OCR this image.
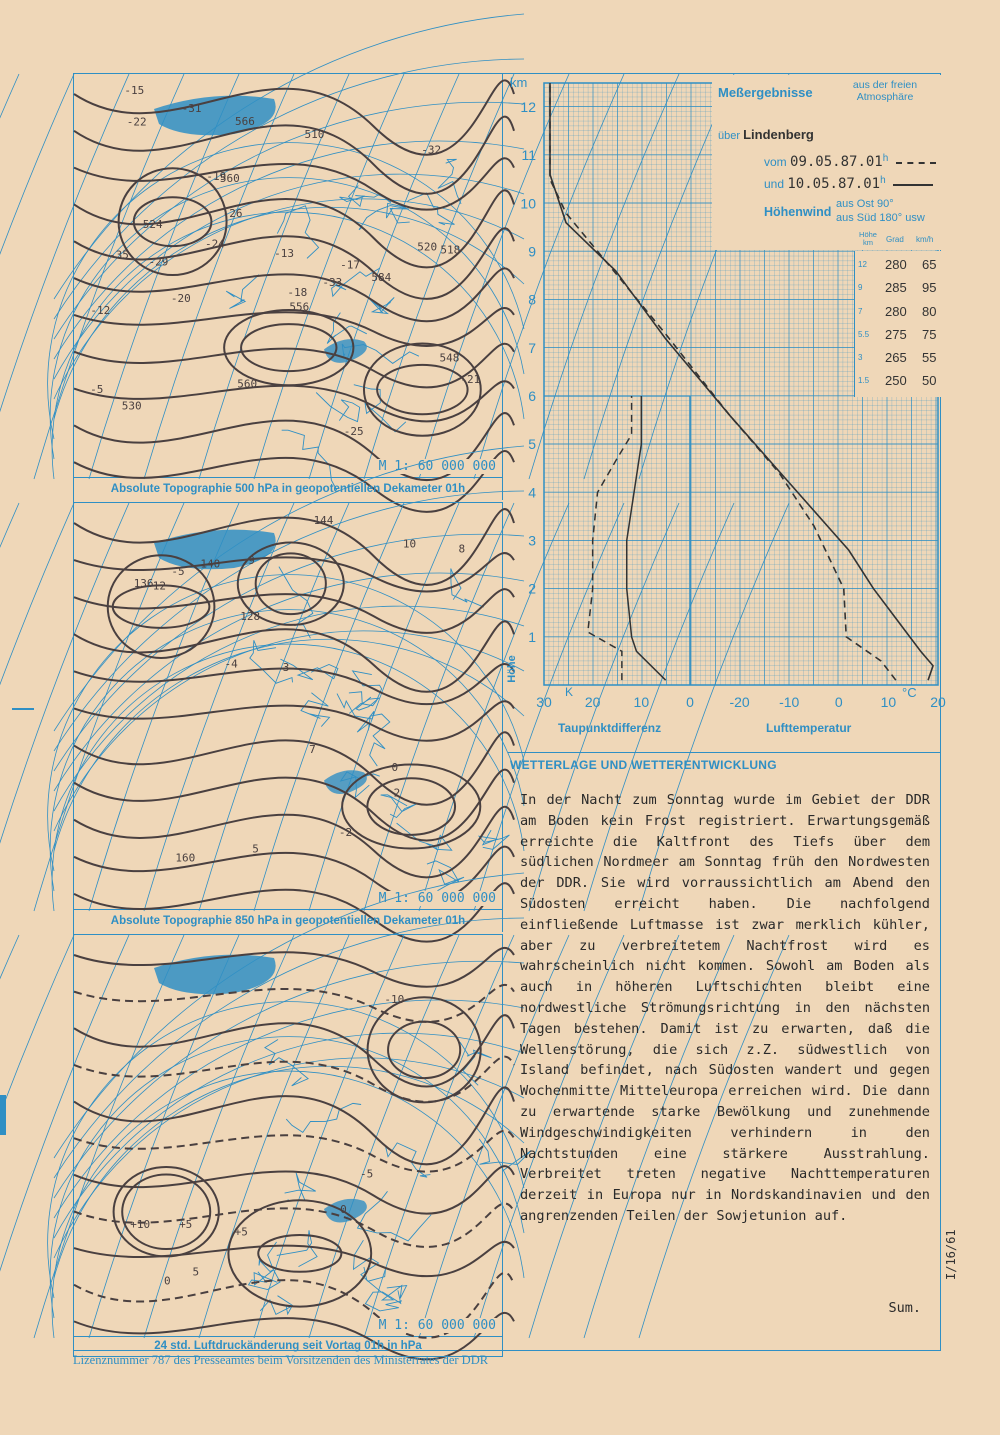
510
560
584
556
566
524
548
518
520
530
560
-31
-26
-21
-33
-35
-29
-19
-18
-20
-17
-15
-13
-12
-22
-24
-25
-32
-5
M 1: 60 000 000
Absolute Topographie 500 hPa in geopotentiellen Dekameter 01h
140
136
128
144
160
-4
-2
-5
8
10
9
7
5
12
3
2
0
M 1: 60 000 000
Absolute Topographie 850 hPa in geopotentiellen Dekameter 01h
-5
+5
0
+10
-10
+5
5
0
M 1: 60 000 000
24 std. Luftdruckänderung seit Vortag 01h in hPa
1
2
3
4
5
6
7
8
9
10
11
12
30 20 10	0	-20 -10	0	10 20
Meßergebnisse	aus der freien Atmosphäre
über Lindenberg
vom 09.05.87.01$^h$
und 10.05.87.01$^h$
Höhenwind
aus Ost 90°
aus Süd 180° usw
Höhe km	Grad km/h
12 280 65
9 285 95
7 280 80
5.5 275 75
3 265 55
1.5 250 50
km
Höhe
K	°C
Taupunktdifferenz	Lufttemperatur
WETTERLAGE UND WETTERENTWICKLUNG
In der Nacht zum Sonntag wurde im Gebiet der DDR am Boden kein Frost registriert. Erwartungsgemäß erreichte die Kaltfront des Tiefs über dem südlichen Nordmeer am Sonntag früh den Nordwesten der DDR. Sie wird vorraussichtlich am Abend den Südosten erreicht haben. Die nachfolgend einfließende Luftmasse ist zwar merklich kühler, aber zu verbreitetem Nachtfrost wird es wahrscheinlich nicht kommen. Sowohl am Boden als auch in höheren Luftschichten bleibt eine nordwestliche Strömungsrichtung in den nächsten Tagen bestehen. Damit ist zu erwarten, daß die Wellenstörung, die sich z.Z. südwestlich von Island befindet, nach Südosten wandert und gegen Wochenmitte Mitteleuropa erreichen wird. Die dann zu erwartende starke Bewölkung und zunehmende Windgeschwindigkeiten verhindern in den Nachtstunden eine stärkere Ausstrahlung. Verbreitet treten negative Nachttemperaturen derzeit in Europa nur in Nordskandinavien und den angrenzenden Teilen der Sowjetunion auf.
Sum.
I/16/61
Lizenznummer 787 des Presseamtes beim Vorsitzenden des Ministerrates der DDR
